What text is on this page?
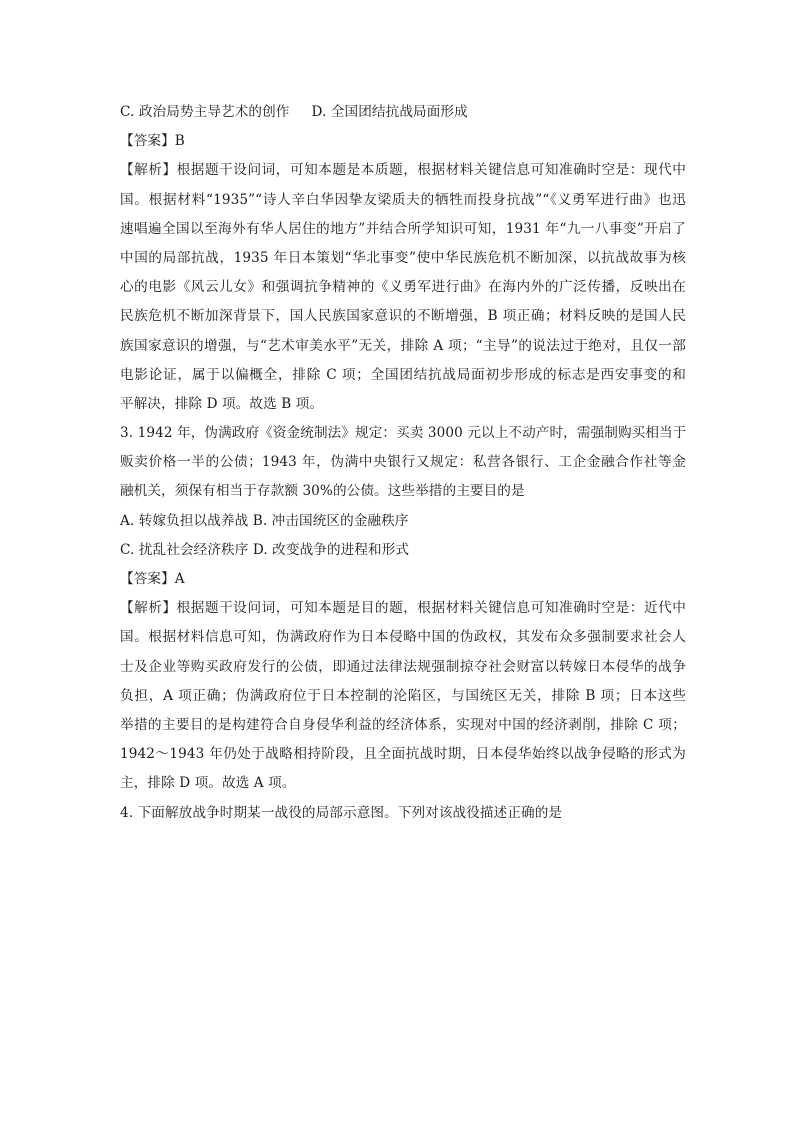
C. 政治局势主导艺术的创作 D. 全国团结抗战局面形成
【答案】B
【解析】根据题干设问词，可知本题是本质题，根据材料关键信息可知准确时空是：现代中
国。根据材料“1935”“诗人辛白华因挚友梁质夫的牺牲而投身抗战”“《义勇军进行曲》也迅
速唱遍全国以至海外有华人居住的地方”并结合所学知识可知，1931 年“九一八事变”开启了
中国的局部抗战，1935 年日本策划“华北事变”使中华民族危机不断加深，以抗战故事为核
心的电影《风云儿女》和强调抗争精神的《义勇军进行曲》在海内外的广泛传播，反映出在
民族危机不断加深背景下，国人民族国家意识的不断增强，B 项正确；材料反映的是国人民
族国家意识的增强，与“艺术审美水平”无关，排除 A 项；“主导”的说法过于绝对，且仅一部
电影论证，属于以偏概全，排除 C 项；全国团结抗战局面初步形成的标志是西安事变的和
平解决，排除 D 项。故选 B 项。
3. 1942 年，伪满政府《资金统制法》规定：买卖 3000 元以上不动产时，需强制购买相当于
贩卖价格一半的公债；1943 年，伪满中央银行又规定：私营各银行、工企金融合作社等金
融机关，须保有相当于存款额 30%的公债。这些举措的主要目的是
A. 转嫁负担以战养战 B. 冲击国统区的金融秩序
C. 扰乱社会经济秩序 D. 改变战争的进程和形式
【答案】A
【解析】根据题干设问词，可知本题是目的题，根据材料关键信息可知准确时空是：近代中
国。根据材料信息可知，伪满政府作为日本侵略中国的伪政权，其发布众多强制要求社会人
士及企业等购买政府发行的公债，即通过法律法规强制掠夺社会财富以转嫁日本侵华的战争
负担，A 项正确；伪满政府位于日本控制的沦陷区，与国统区无关，排除 B 项；日本这些
举措的主要目的是构建符合自身侵华利益的经济体系，实现对中国的经济剥削，排除 C 项；
1942～1943 年仍处于战略相持阶段，且全面抗战时期，日本侵华始终以战争侵略的形式为
主，排除 D 项。故选 A 项。
4. 下面解放战争时期某一战役的局部示意图。下列对该战役描述正确的是
